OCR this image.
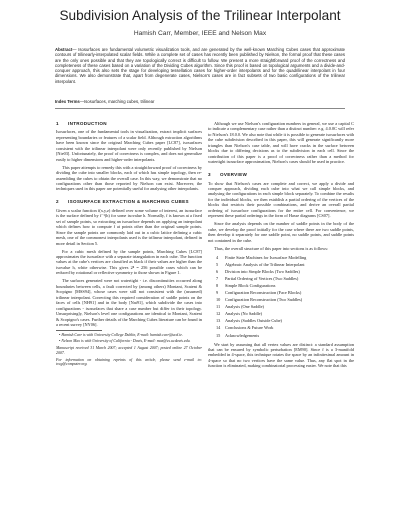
Subdivision Analysis of the Trilinear Interpolant
Hamish Carr, Member, IEEE and Nelson Max
Abstract— Isosurfaces are fundamental volumetric visualization tools, and are generated by the well-known Marching Cubes cases that approximate contours of trilinearly-interpolated scalar fields. While a complete set of cases has recently been published by Nielson, the formal proof that these cases are the only ones possible and that they are topologically correct is difficult to follow. We present a more straightforward proof of the correctness and completeness of these cases based on a variation of the Dividing Cubes algorithm. Since this proof is based on topological arguments and a divide-and-conquer approach, this also sets the stage for developing tessellation cases for higher-order interpolants and for the quadrilinear interpolant in four dimensions. We also demonstrate that, apart from degenerate cases, Nielson's cases are in fact subsets of two basic configurations of the trilinear interpolant.
Index Terms—Isosurfaces, marching cubes, trilinear
1 INTRODUCTION

Isosurfaces, one of the fundamental tools in visualization, extract implicit surfaces representing boundaries or features of a scalar field. Although extraction algorithms have been known since the original Marching Cubes paper [LC87], isosurfaces consistent with the trilinear interpolant were only recently published by Nielson [Nie03]. Unfortunately, the proof of correctness is complex, and does not generalize easily to higher dimensions and higher-order interpolants.

This paper attempts to remedy this with a straightforward proof of correctness by dividing the cube into smaller blocks, each of which has simple topology, then re-assembling the cubes to obtain the overall case. In this way, we demonstrate that no configurations other than those reported by Nielson can exist. Moreover, the techniques used in this paper are potentially useful for analysing other interpolants.

2 ISOSURFACE EXTRACTION & MARCHING CUBES

Given a scalar function f(x,y,z) defined over some volume of interest, an isosurface is the surface defined by f⁻¹(h) for some isovalue h. Normally, f is known at a fixed set of sample points, so extracting an isosurface depends on applying an interpolant which defines how to compute f at points other than the original sample points. Since the sample points are commonly laid out in a cubic lattice defining a cubic mesh, one of the commonest interpolants used is the trilinear interpolant, defined in more detail in Section 5.

For a cubic mesh defined by the sample points, Marching Cubes [LC87] approximates the isosurface with a separate triangulation in each cube. The function values at the cube's vertices are classified as black if their values are higher than the isovalue h, white otherwise. This gives 2⁸ = 256 possible cases which can be reduced by rotational or reflective symmetry to those shown in Figure 1.

The surfaces generated were not watertight - i.e. discontinuities occurred along boundaries between cells, a fault corrected by (among others) Montani, Scateni & Scopigno [MSS94], whose cases were still not consistent with the (assumed) trilinear interpolant. Correcting this required consideration of saddle points on the faces of cells [NH91] and in the body [Nat91], which subdivide the cases into configurations - isosurfaces that share a case number but differ in their topology. Unsurprisingly, Nielson's level one configurations are identical to Montani, Scateni & Scopigno's cases. Further details of the Marching Cubes literature can be found in a recent survey [NY06].

• Hamish Carr is with University College Dublin, E-mail: hamish.carr@ucd.ie.

• Nelson Max is with University of California - Davis, E-mail: max@cs.ucdavis.edu.

Manuscript received 31 March 2007; accepted 1 August 2007; posted online 27 October 2007.

For information on obtaining reprints of this article, please send e-mail to: tvcg@computer.org.

Although we use Nielson's configuration numbers in general, we use a capital C to indicate a complementary case rather than a distinct number: e.g. 4.0.0C will refer to Nielson's 18.0.0. We also note that while it is possible to generate isosurfaces with the cube subdivision described in this paper, this will generate significantly more triangles than Nielson's case table, and will have cracks in the surface between blocks due to differing decisions as to the subdivision in each cell. Since the contribution of this paper is a proof of correctness rather than a method for watertight isosurface approximation, Nielson's cases should be used in practice.

3 OVERVIEW

To show that Nielson's cases are complete and correct, we apply a divide and conquer approach, dividing each cube into what we call simple blocks, and analysing the configurations in each simple block separately. To combine the results for the individual blocks, we then establish a partial ordering of the vertices of the blocks that restricts their possible combinations, and derive an overall partial ordering of isosurface configurations for the entire cell. For convenience, we represent these partial orderings in the form of Hasse diagrams [CS07].

Since the analysis depends on the number of saddle points in the body of the cube, we develop the proof initially for the case where there are two saddle points, then develop it separately for one saddle point, no saddle points, and saddle points not contained in the cube.

Thus, the overall structure of this paper into sections is as follows:

4 Finite State Machines for Isosurface Modelling
5 Algebraic Analysis of the Trilinear Interpolant
6 Division into Simple Blocks (Two Saddles)
7 Partial Ordering of Vertices (Two Saddles)
8 Simple Block Configurations
9 Configuration Reconstruction (Face Blocks)
10 Configuration Reconstruction (Two Saddles)
11 Analysis (One Saddle)
12 Analysis (No Saddle)
13 Analysis (Saddles Outside Cube)
14 Conclusions & Future Work
15 Acknowledgements

We start by assuming that all vertex values are distinct: a standard assumption that can be ensured by symbolic perturbation [EM90]. Since f is a 3-manifold embedded in 4-space, this technique rotates the space by an infinitesimal amount in 4-space so that no two vertices have the same value. Thus, any flat spot in the function is eliminated, making combinatorial processing easier. We note that this
